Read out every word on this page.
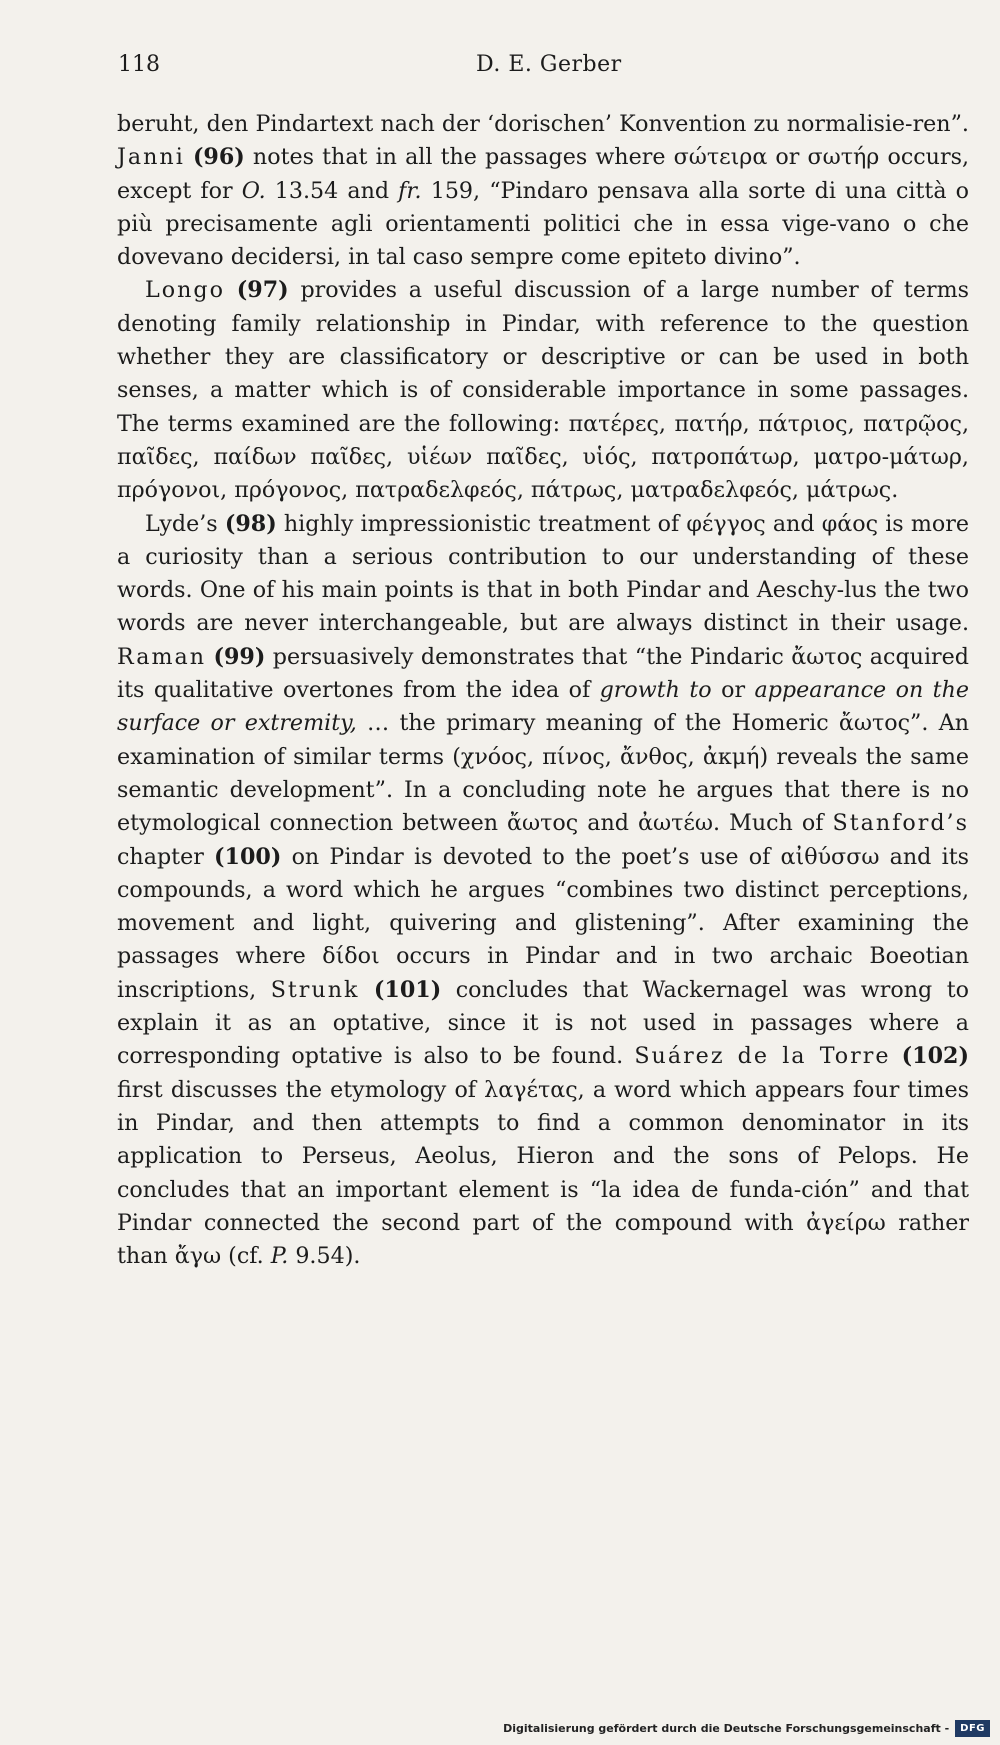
118	D. E. Gerber

beruht, den Pindartext nach der ‘dorischen’ Konvention zu normalisie-ren”. Janni (96) notes that in all the passages where σώτειρα or σωτήρ occurs, except for O. 13.54 and fr. 159, “Pindaro pensava alla sorte di una città o più precisamente agli orientamenti politici che in essa vige-vano o che dovevano decidersi, in tal caso sempre come epiteto divino”.

Longo (97) provides a useful discussion of a large number of terms denoting family relationship in Pindar, with reference to the question whether they are classificatory or descriptive or can be used in both senses, a matter which is of considerable importance in some passages. The terms examined are the following: πατέρες, πατήρ, πάτριος, πατρῷος, παῖδες, παίδων παῖδες, υἱέων παῖδες, υἱός, πατροπάτωρ, ματρο-μάτωρ, πρόγονοι, πρόγονος, πατραδελφεός, πάτρως, ματραδελφεός, μάτρως.

Lyde’s (98) highly impressionistic treatment of φέγγος and φάος is more a curiosity than a serious contribution to our understanding of these words. One of his main points is that in both Pindar and Aeschy-lus the two words are never interchangeable, but are always distinct in their usage. Raman (99) persuasively demonstrates that “the Pindaric ἄωτος acquired its qualitative overtones from the idea of growth to or appearance on the surface or extremity, … the primary meaning of the Homeric ἄωτος”. An examination of similar terms (χνόος, πίνος, ἄνθος, ἀκμή) reveals the same semantic development”. In a concluding note he argues that there is no etymological connection between ἄωτος and ἀωτέω. Much of Stanford’s chapter (100) on Pindar is devoted to the poet’s use of αἰθύσσω and its compounds, a word which he argues “combines two distinct perceptions, movement and light, quivering and glistening”. After examining the passages where δίδοι occurs in Pindar and in two archaic Boeotian inscriptions, Strunk (101) concludes that Wackernagel was wrong to explain it as an optative, since it is not used in passages where a corresponding optative is also to be found. Suárez de la Torre (102) first discusses the etymology of λαγέτας, a word which appears four times in Pindar, and then attempts to find a common denominator in its application to Perseus, Aeolus, Hieron and the sons of Pelops. He concludes that an important element is “la idea de funda-ción” and that Pindar connected the second part of the compound with ἀγείρω rather than ἄγω (cf. P. 9.54).

Digitalisierung gefördert durch die Deutsche Forschungsgemeinschaft -	DFG
